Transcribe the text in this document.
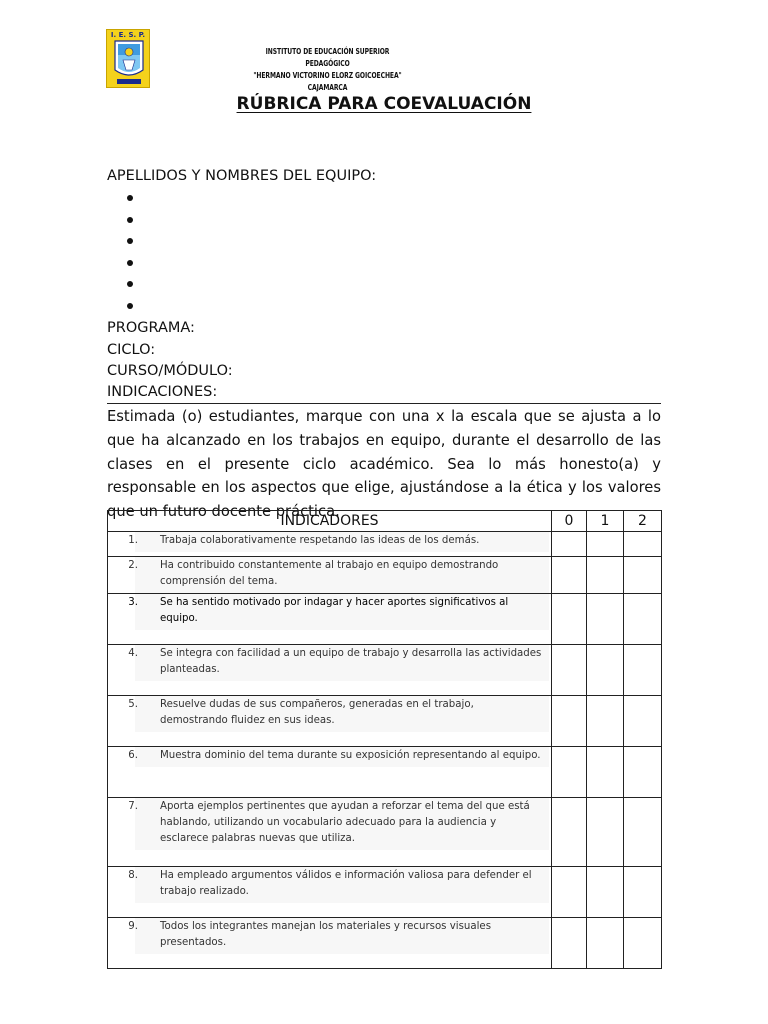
I. E. S. P.
INSTITUTO DE EDUCACIÓN SUPERIOR PEDAGÓGICO
"HERMANO VICTORINO ELORZ GOICOECHEA"
CAJAMARCA
RÚBRICA PARA COEVALUACIÓN
APELLIDOS Y NOMBRES DEL EQUIPO:
PROGRAMA:
CICLO:
CURSO/MÓDULO:
INDICACIONES:
Estimada (o) estudiantes, marque con una x la escala que se ajusta a lo que ha alcanzado en los trabajos en equipo, durante el desarrollo de las clases en el presente ciclo académico. Sea lo más honesto(a) y responsable en los aspectos que elige, ajustándose a la ética y los valores que un futuro docente práctica.
INDICADORES	0	1	2

1. Trabaja colaborativamente respetando las ideas de los demás.			

2. Ha contribuido constantemente al trabajo en equipo demostrando comprensión del tema.			

3. Se ha sentido motivado por indagar y hacer aportes significativos al equipo.			

4. Se integra con facilidad a un equipo de trabajo y desarrolla las actividades planteadas.			

5. Resuelve dudas de sus compañeros, generadas en el trabajo, demostrando fluidez en sus ideas.			

6. Muestra dominio del tema durante su exposición representando al equipo.			

7. Aporta ejemplos pertinentes que ayudan a reforzar el tema del que está hablando, utilizando un vocabulario adecuado para la audiencia y esclarece palabras nuevas que utiliza.			

8. Ha empleado argumentos válidos e información valiosa para defender el trabajo realizado.			

9. Todos los integrantes manejan los materiales y recursos visuales presentados.			
